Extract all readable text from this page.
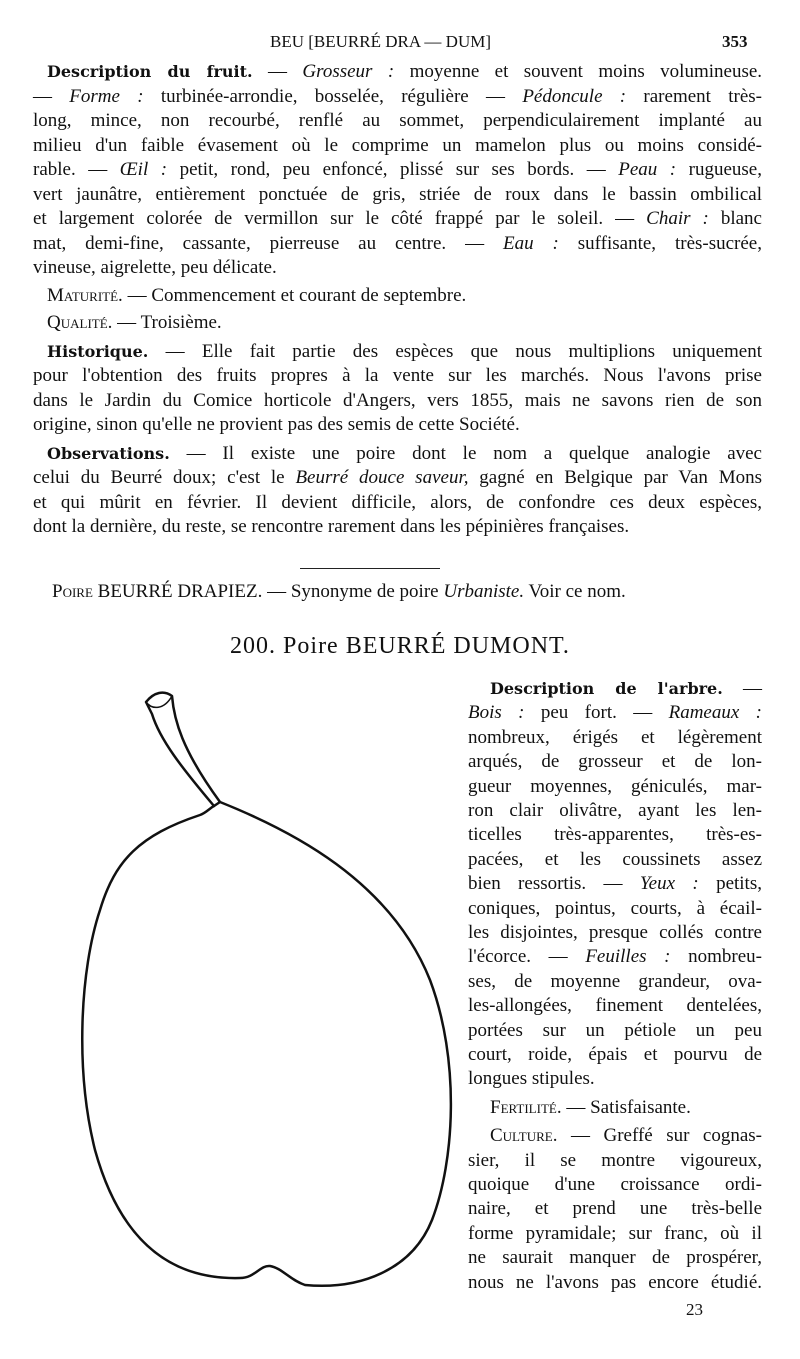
BEU [BEURRÉ DRA — DUM]	353
Description du fruit. — Grosseur : moyenne et souvent moins volumineuse.
— Forme : turbinée-arrondie, bosselée, régulière — Pédoncule : rarement très-
long, mince, non recourbé, renflé au sommet, perpendiculairement implanté au
milieu d'un faible évasement où le comprime un mamelon plus ou moins considé-
rable. — Œil : petit, rond, peu enfoncé, plissé sur ses bords. — Peau : rugueuse,
vert jaunâtre, entièrement ponctuée de gris, striée de roux dans le bassin ombilical
et largement colorée de vermillon sur le côté frappé par le soleil. — Chair : blanc
mat, demi-fine, cassante, pierreuse au centre. — Eau : suffisante, très-sucrée,
vineuse, aigrelette, peu délicate.
Maturité. — Commencement et courant de septembre.
Qualité. — Troisième.
Historique. — Elle fait partie des espèces que nous multiplions uniquement
pour l'obtention des fruits propres à la vente sur les marchés. Nous l'avons prise
dans le Jardin du Comice horticole d'Angers, vers 1855, mais ne savons rien de son
origine, sinon qu'elle ne provient pas des semis de cette Société.
Observations. — Il existe une poire dont le nom a quelque analogie avec
celui du Beurré doux; c'est le Beurré douce saveur, gagné en Belgique par Van Mons
et qui mûrit en février. Il devient difficile, alors, de confondre ces deux espèces,
dont la dernière, du reste, se rencontre rarement dans les pépinières françaises.
Poire BEURRÉ DRAPIEZ. — Synonyme de poire Urbaniste. Voir ce nom.
200. Poire BEURRÉ DUMONT.
Description de l'arbre. —
Bois : peu fort. — Rameaux :
nombreux, érigés et légèrement
arqués, de grosseur et de lon-
gueur moyennes, géniculés, mar-
ron clair olivâtre, ayant les len-
ticelles très-apparentes, très-es-
pacées, et les coussinets assez
bien ressortis. — Yeux : petits,
coniques, pointus, courts, à écail-
les disjointes, presque collés contre
l'écorce. — Feuilles : nombreu-
ses, de moyenne grandeur, ova-
les-allongées, finement dentelées,
portées sur un pétiole un peu
court, roide, épais et pourvu de
longues stipules.
Fertilité. — Satisfaisante.
Culture. — Greffé sur cognas-
sier, il se montre vigoureux,
quoique d'une croissance ordi-
naire, et prend une très-belle
forme pyramidale; sur franc, où il
ne saurait manquer de prospérer,
nous ne l'avons pas encore étudié.
23
